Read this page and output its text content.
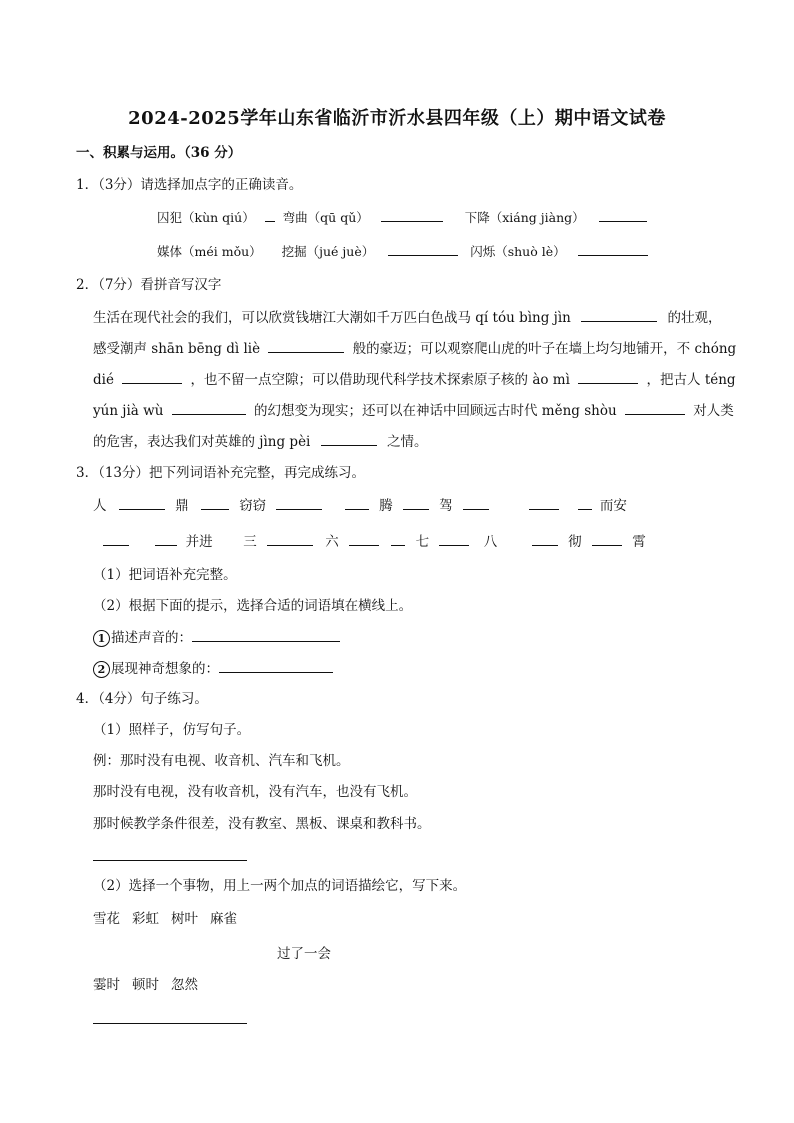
2024-2025学年山东省临沂市沂水县四年级（上）期中语文试卷
一、积累与运用。（36 分）
1．（3分）请选择加点字的正确读音。
囚犯（kùn qiú） 弯曲（qū qǔ）	下降（xiáng jiàng）
媒体（méi mǒu） 挖掘（jué juè）	闪烁（shuò lè）
2．（7分）看拼音写汉字
生活在现代社会的我们，可以欣赏钱塘江大潮如千万匹白色战马 qí tóu bìng jìn	的壮观，
感受潮声 shān bēng dì liè	般的豪迈；可以观察爬山虎的叶子在墙上均匀地铺开，不 chóng
dié	，也不留一点空隙；可以借助现代科学技术探索原子核的 ào mì	，把古人 téng
yún jià wù	的幻想变为现实；还可以在神话中回顾远古时代 měng shòu	对人类
的危害，表达我们对英雄的 jìng pèi	之情。
3．（13分）把下列词语补充完整，再完成练习。
人	鼎	窃窃	腾	驾	而安
并进 三	六	七	八	彻	霄
（1）把词语补充完整。
（2）根据下面的提示，选择合适的词语填在横线上。
1 描述声音的：
2 展现神奇想象的：
4．（4分）句子练习。
（1）照样子，仿写句子。
例：那时没有电视、收音机、汽车和飞机。
那时没有电视，没有收音机，没有汽车，也没有飞机。
那时候教学条件很差，没有教室、黑板、课桌和教科书。
（2）选择一个事物，用上一两个加点的词语描绘它，写下来。
雪花 彩虹 树叶 麻雀
过了一会
霎时 顿时 忽然
